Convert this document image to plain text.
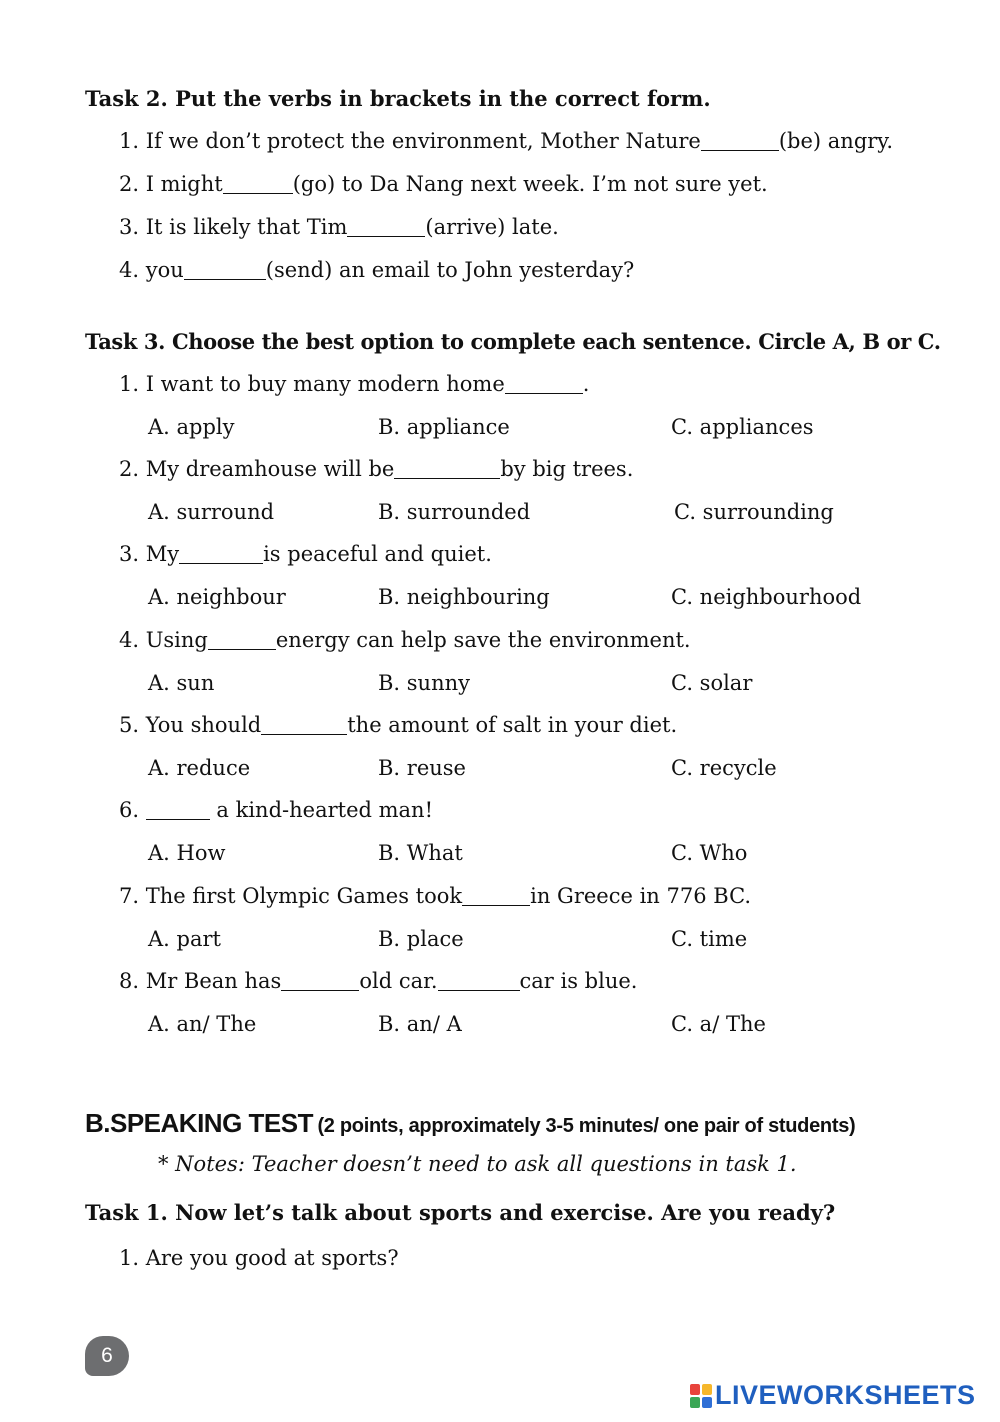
Task 2. Put the verbs in brackets in the correct form.
1. If we don’t protect the environment, Mother Nature	(be) angry.
2. I might	(go) to Da Nang next week. I’m not sure yet.
3. It is likely that Tim	(arrive) late.
4. you	(send) an email to John yesterday?
Task 3. Choose the best option to complete each sentence. Circle A, B or C.
1. I want to buy many modern home	.
A. apply	B. appliance	C. appliances
2. My dreamhouse will be	by big trees.
A. surround	B. surrounded	C. surrounding
3. My	is peaceful and quiet.
A. neighbour	B. neighbouring	C. neighbourhood
4. Using	energy can help save the environment.
A. sun	B. sunny	C. solar
5. You should	the amount of salt in your diet.
A. reduce	B. reuse	C. recycle
6.	a kind-hearted man!
A. How	B. What	C. Who
7. The first Olympic Games took	in Greece in 776 BC.
A. part	B. place	C. time
8. Mr Bean has	old car.	car is blue.
A. an/ The	B. an/ A	C. a/ The
B.SPEAKING TEST (2 points, approximately 3-5 minutes/ one pair of students)
* Notes: Teacher doesn’t need to ask all questions in task 1.
Task 1. Now let’s talk about sports and exercise. Are you ready?
1. Are you good at sports?
6
LIVEWORKSHEETS
